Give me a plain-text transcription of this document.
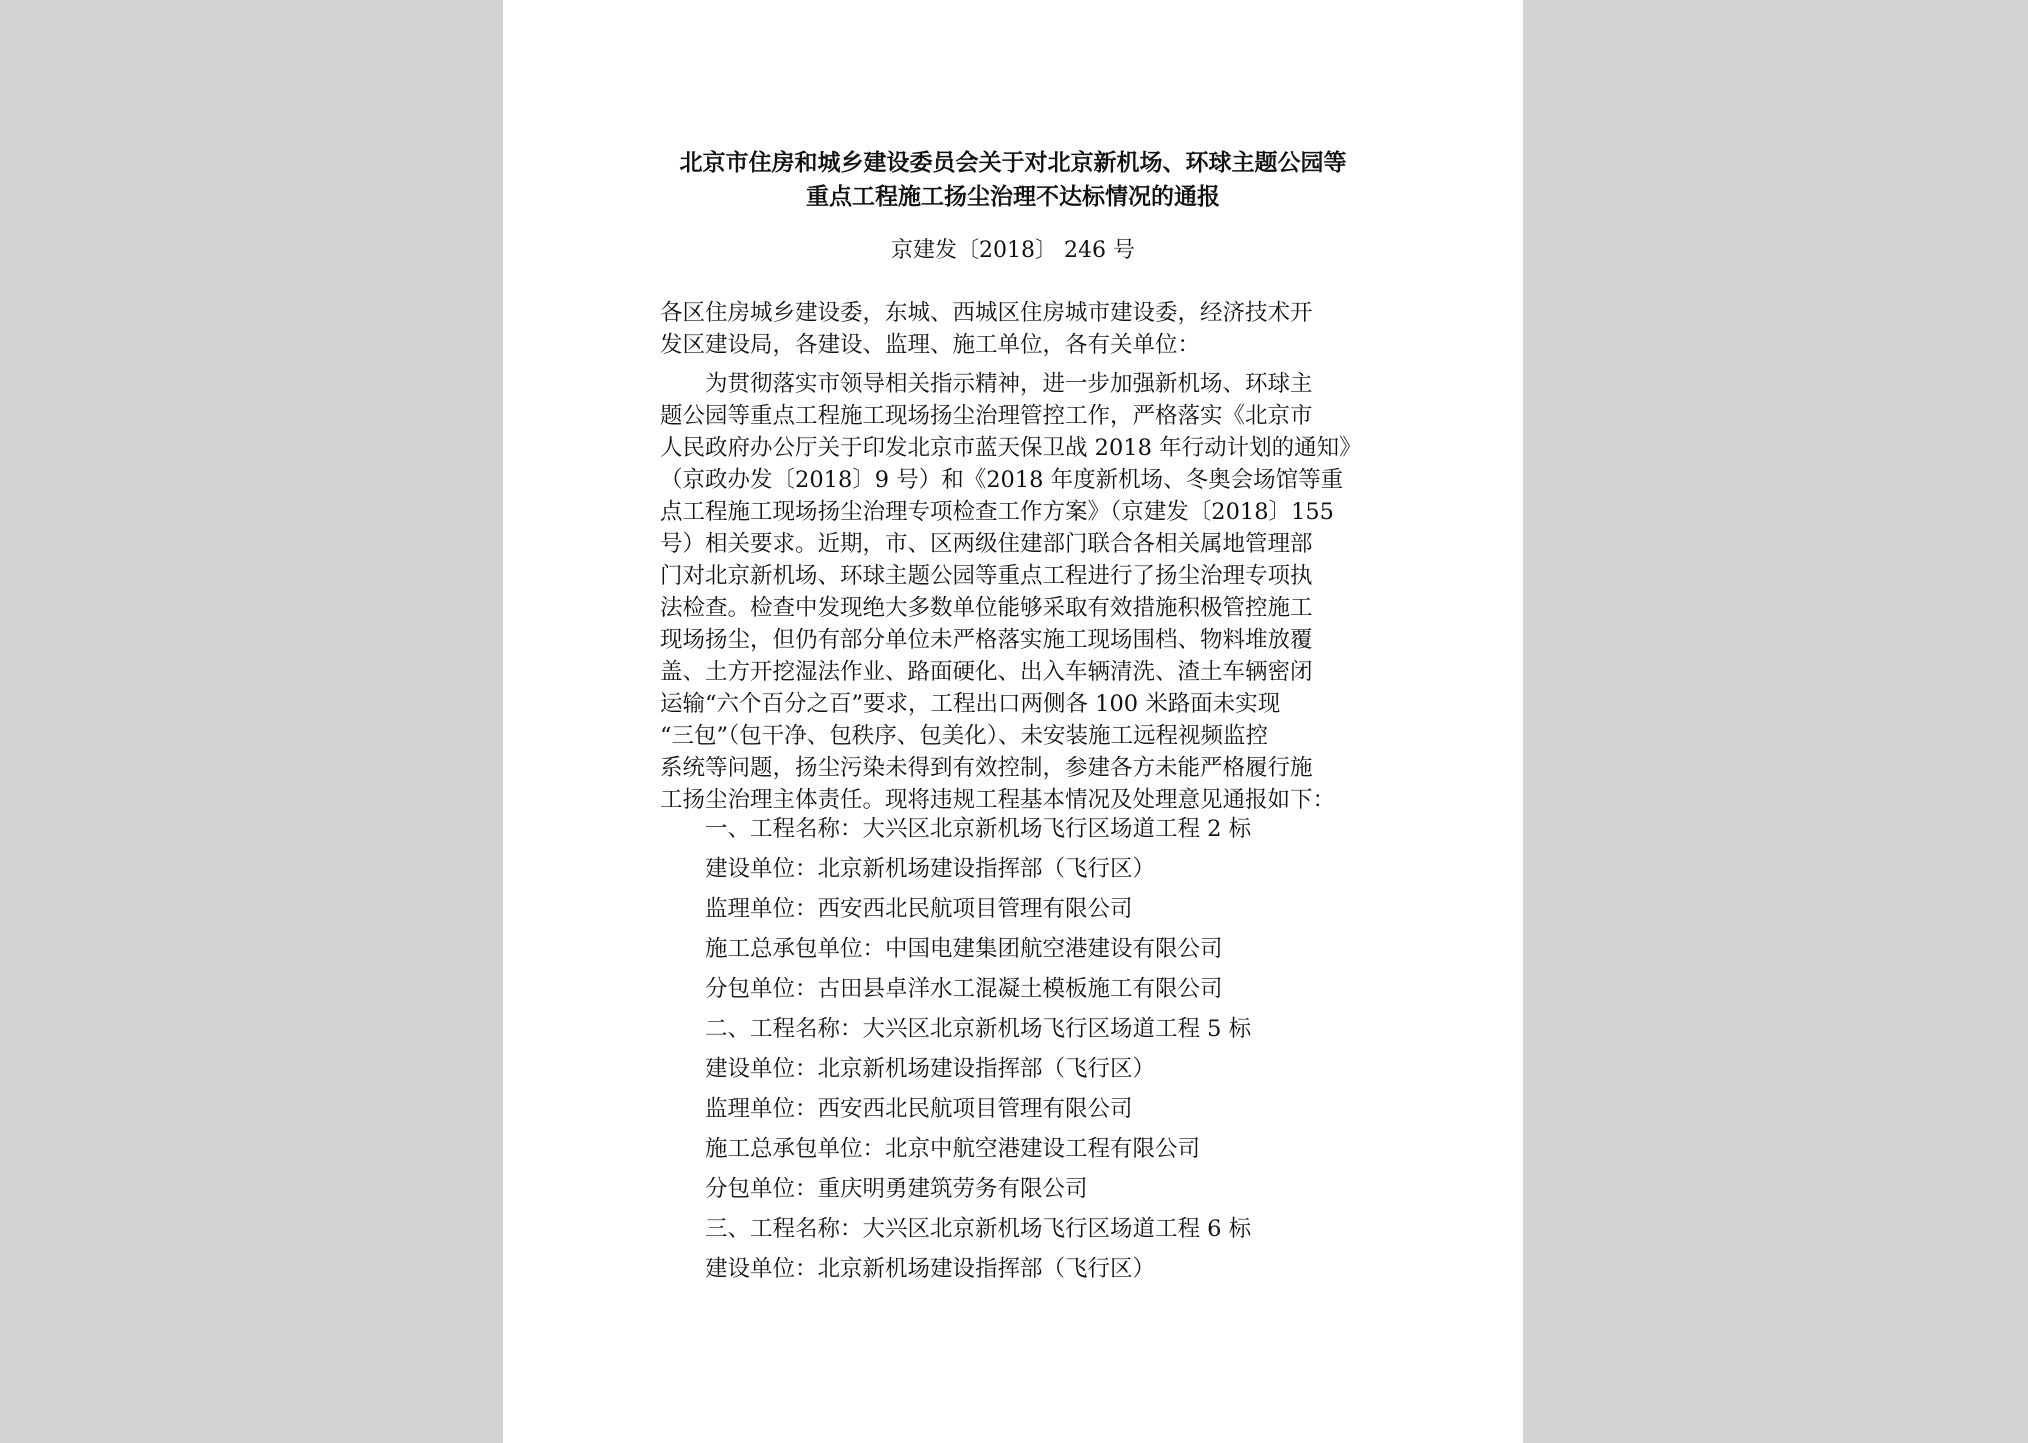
北京市住房和城乡建设委员会关于对北京新机场、环球主题公园等
重点工程施工扬尘治理不达标情况的通报
京建发〔2018〕 246 号
各区住房城乡建设委，东城、西城区住房城市建设委，经济技术开
发区建设局，各建设、监理、施工单位，各有关单位：
为贯彻落实市领导相关指示精神，进一步加强新机场、环球主
题公园等重点工程施工现场扬尘治理管控工作，严格落实《北京市
人民政府办公厅关于印发北京市蓝天保卫战 2018 年行动计划的通知》
（京政办发〔2018〕9 号）和《2018 年度新机场、冬奥会场馆等重
点工程施工现场扬尘治理专项检查工作方案》（京建发〔2018〕155
号）相关要求。近期，市、区两级住建部门联合各相关属地管理部
门对北京新机场、环球主题公园等重点工程进行了扬尘治理专项执
法检查。检查中发现绝大多数单位能够采取有效措施积极管控施工
现场扬尘，但仍有部分单位未严格落实施工现场围档、物料堆放覆
盖、土方开挖湿法作业、路面硬化、出入车辆清洗、渣土车辆密闭
运输“六个百分之百”要求，工程出口两侧各 100 米路面未实现
“三包”（包干净、包秩序、包美化）、未安装施工远程视频监控
系统等问题，扬尘污染未得到有效控制，参建各方未能严格履行施
工扬尘治理主体责任。现将违规工程基本情况及处理意见通报如下：
一、工程名称：大兴区北京新机场飞行区场道工程 2 标
建设单位：北京新机场建设指挥部（飞行区）
监理单位：西安西北民航项目管理有限公司
施工总承包单位：中国电建集团航空港建设有限公司
分包单位：古田县卓洋水工混凝土模板施工有限公司
二、工程名称：大兴区北京新机场飞行区场道工程 5 标
建设单位：北京新机场建设指挥部（飞行区）
监理单位：西安西北民航项目管理有限公司
施工总承包单位：北京中航空港建设工程有限公司
分包单位：重庆明勇建筑劳务有限公司
三、工程名称：大兴区北京新机场飞行区场道工程 6 标
建设单位：北京新机场建设指挥部（飞行区）
